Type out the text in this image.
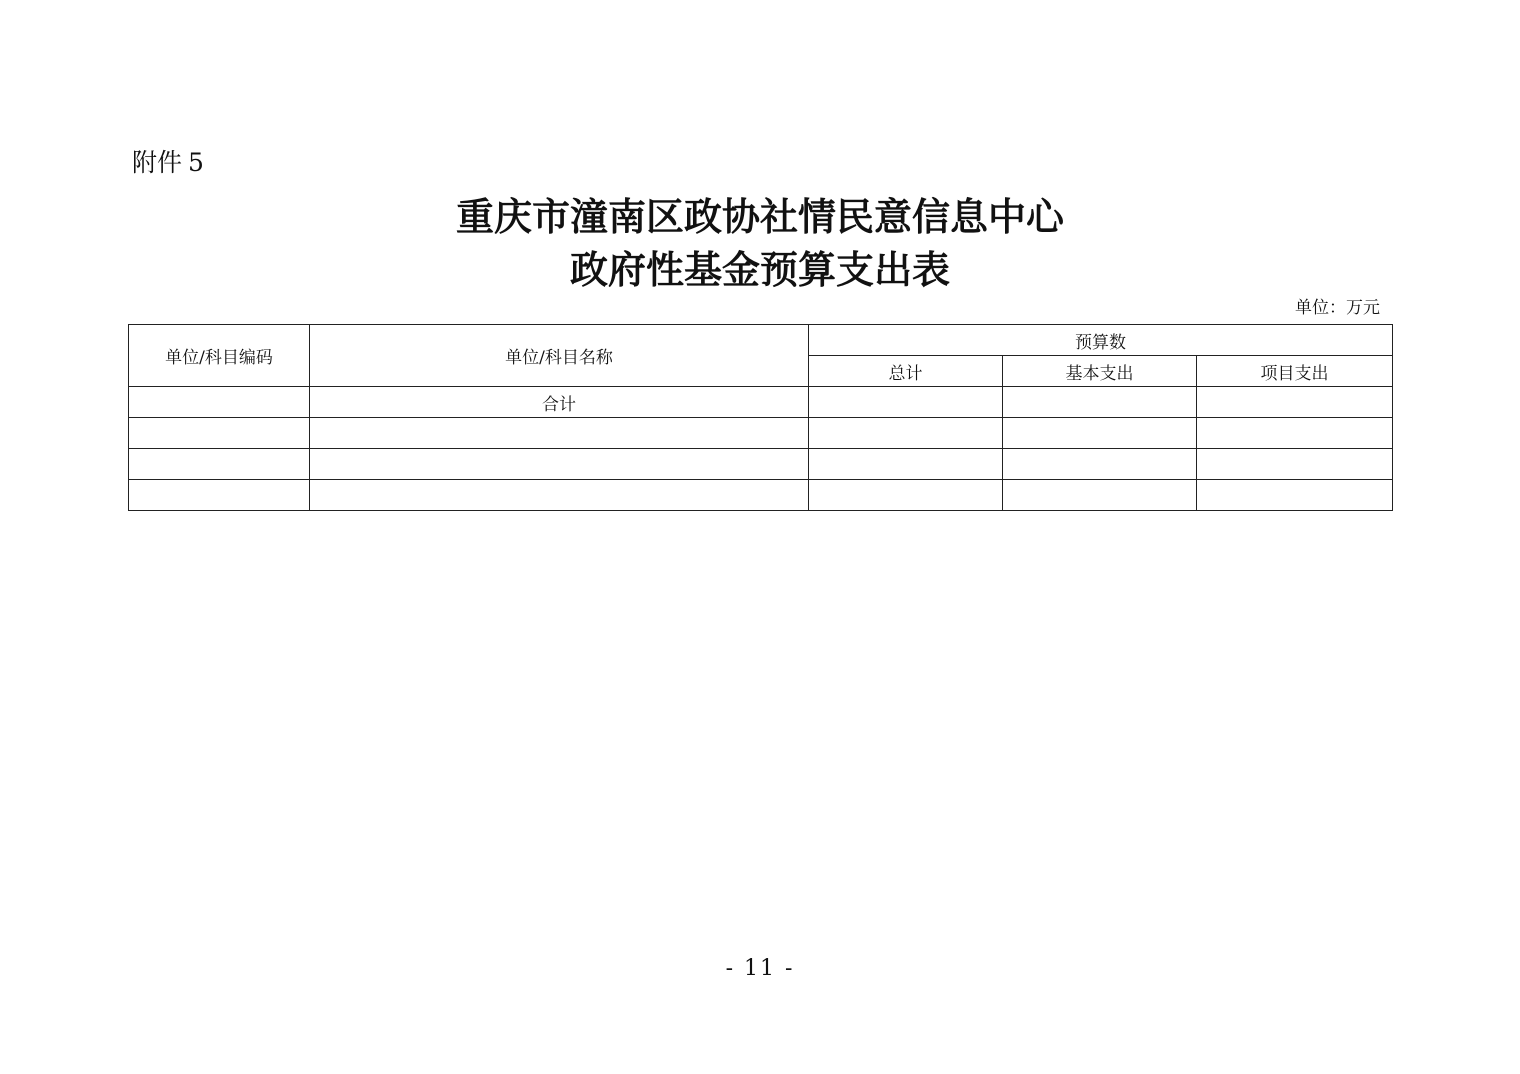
附件 5
重庆市潼南区政协社情民意信息中心
政府性基金预算支出表
单位：万元
单位/科目编码	单位/科目名称	预算数		
		总计	基本支出	项目支出
	合计			

- 11 -
